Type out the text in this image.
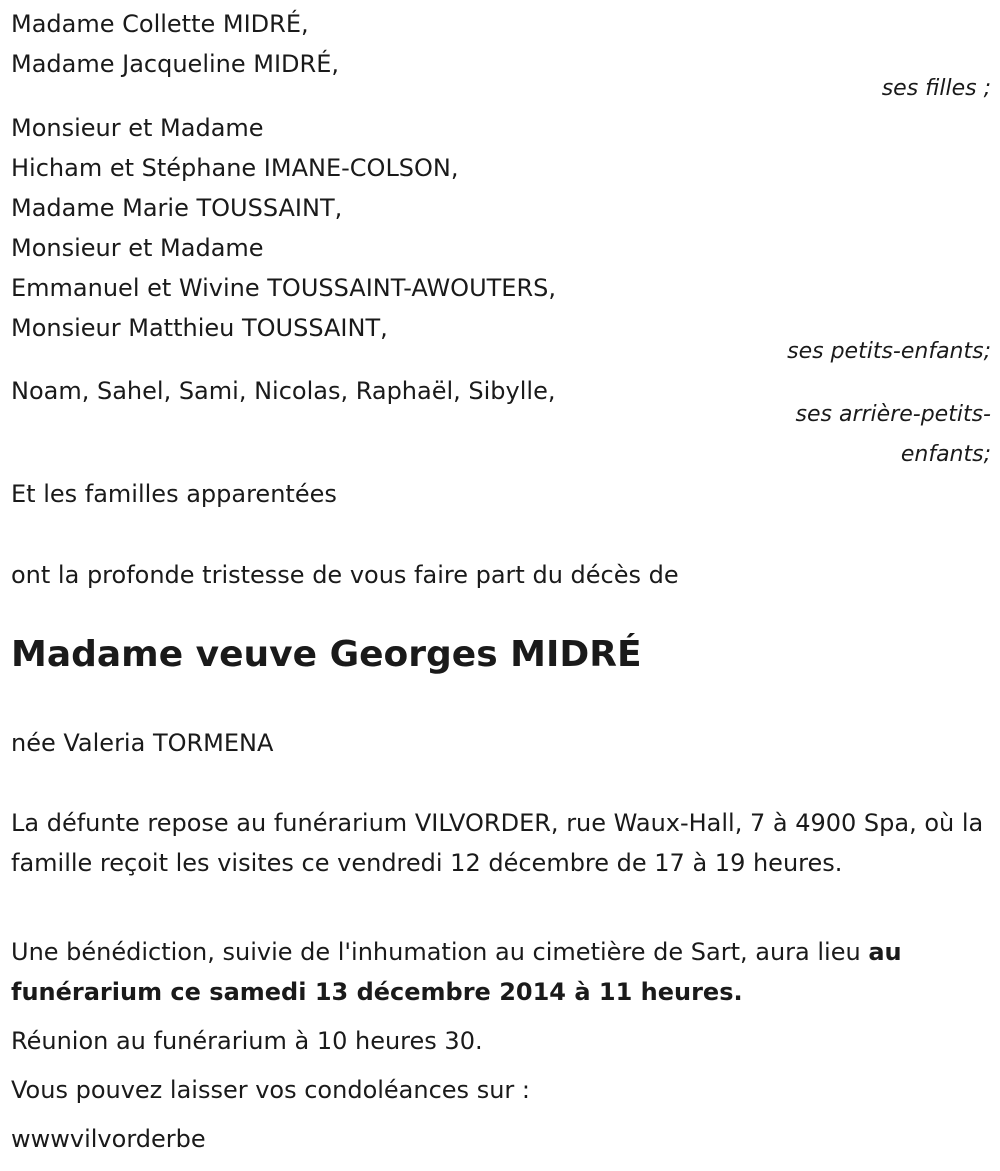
Madame Collette MIDRÉ,
Madame Jacqueline MIDRÉ,
ses filles ;
Monsieur et Madame
Hicham et Stéphane IMANE-COLSON,
Madame Marie TOUSSAINT,
Monsieur et Madame
Emmanuel et Wivine TOUSSAINT-AWOUTERS,
Monsieur Matthieu TOUSSAINT,
ses petits-enfants;
Noam, Sahel, Sami, Nicolas, Raphaël, Sibylle,
ses arrière-petits-
enfants;
Et les familles apparentées
ont la profonde tristesse de vous faire part du décès de
Madame veuve Georges MIDRÉ
née Valeria TORMENA
La défunte repose au funérarium VILVORDER, rue Waux-Hall, 7 à 4900 Spa, où la famille reçoit les visites ce vendredi 12 décembre de 17 à 19 heures.
Une bénédiction, suivie de l'inhumation au cimetière de Sart, aura lieu au funérarium ce samedi 13 décembre 2014 à 11 heures.
Réunion au funérarium à 10 heures 30.
Vous pouvez laisser vos condoléances sur :
wwwvilvorderbe
